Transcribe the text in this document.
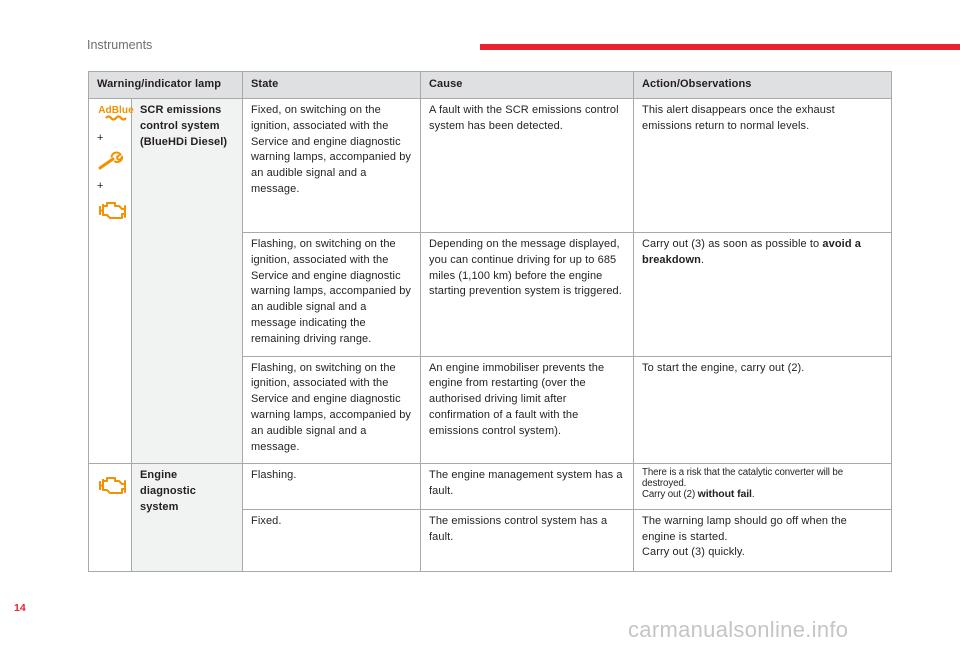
Instruments
Warning/indicator lamp		State	Cause	Action/Observations

AdBlue
+
+	SCR emissions control system (BlueHDi Diesel)	Fixed, on switching on the ignition, associated with the Service and engine diagnostic warning lamps, accompanied by an audible signal and a message.	A fault with the SCR emissions control system has been detected.	This alert disappears once the exhaust emissions return to normal levels.
		Flashing, on switching on the ignition, associated with the Service and engine diagnostic warning lamps, accompanied by an audible signal and a message indicating the remaining driving range.	Depending on the message displayed, you can continue driving for up to 685 miles (1,100 km) before the engine starting prevention system is triggered.	Carry out (3) as soon as possible to avoid a breakdown.
		Flashing, on switching on the ignition, associated with the Service and engine diagnostic warning lamps, accompanied by an audible signal and a message.	An engine immobiliser prevents the engine from restarting (over the authorised driving limit after confirmation of a fault with the emissions control system).	To start the engine, carry out (2).

	Engine diagnostic system	Flashing.	The engine management system has a fault.	There is a risk that the catalytic converter will be destroyed.
Carry out (2) without fail.

		Fixed.	The emissions control system has a fault.	The warning lamp should go off when the engine is started.
Carry out (3) quickly.
14
carmanualsonline.info
